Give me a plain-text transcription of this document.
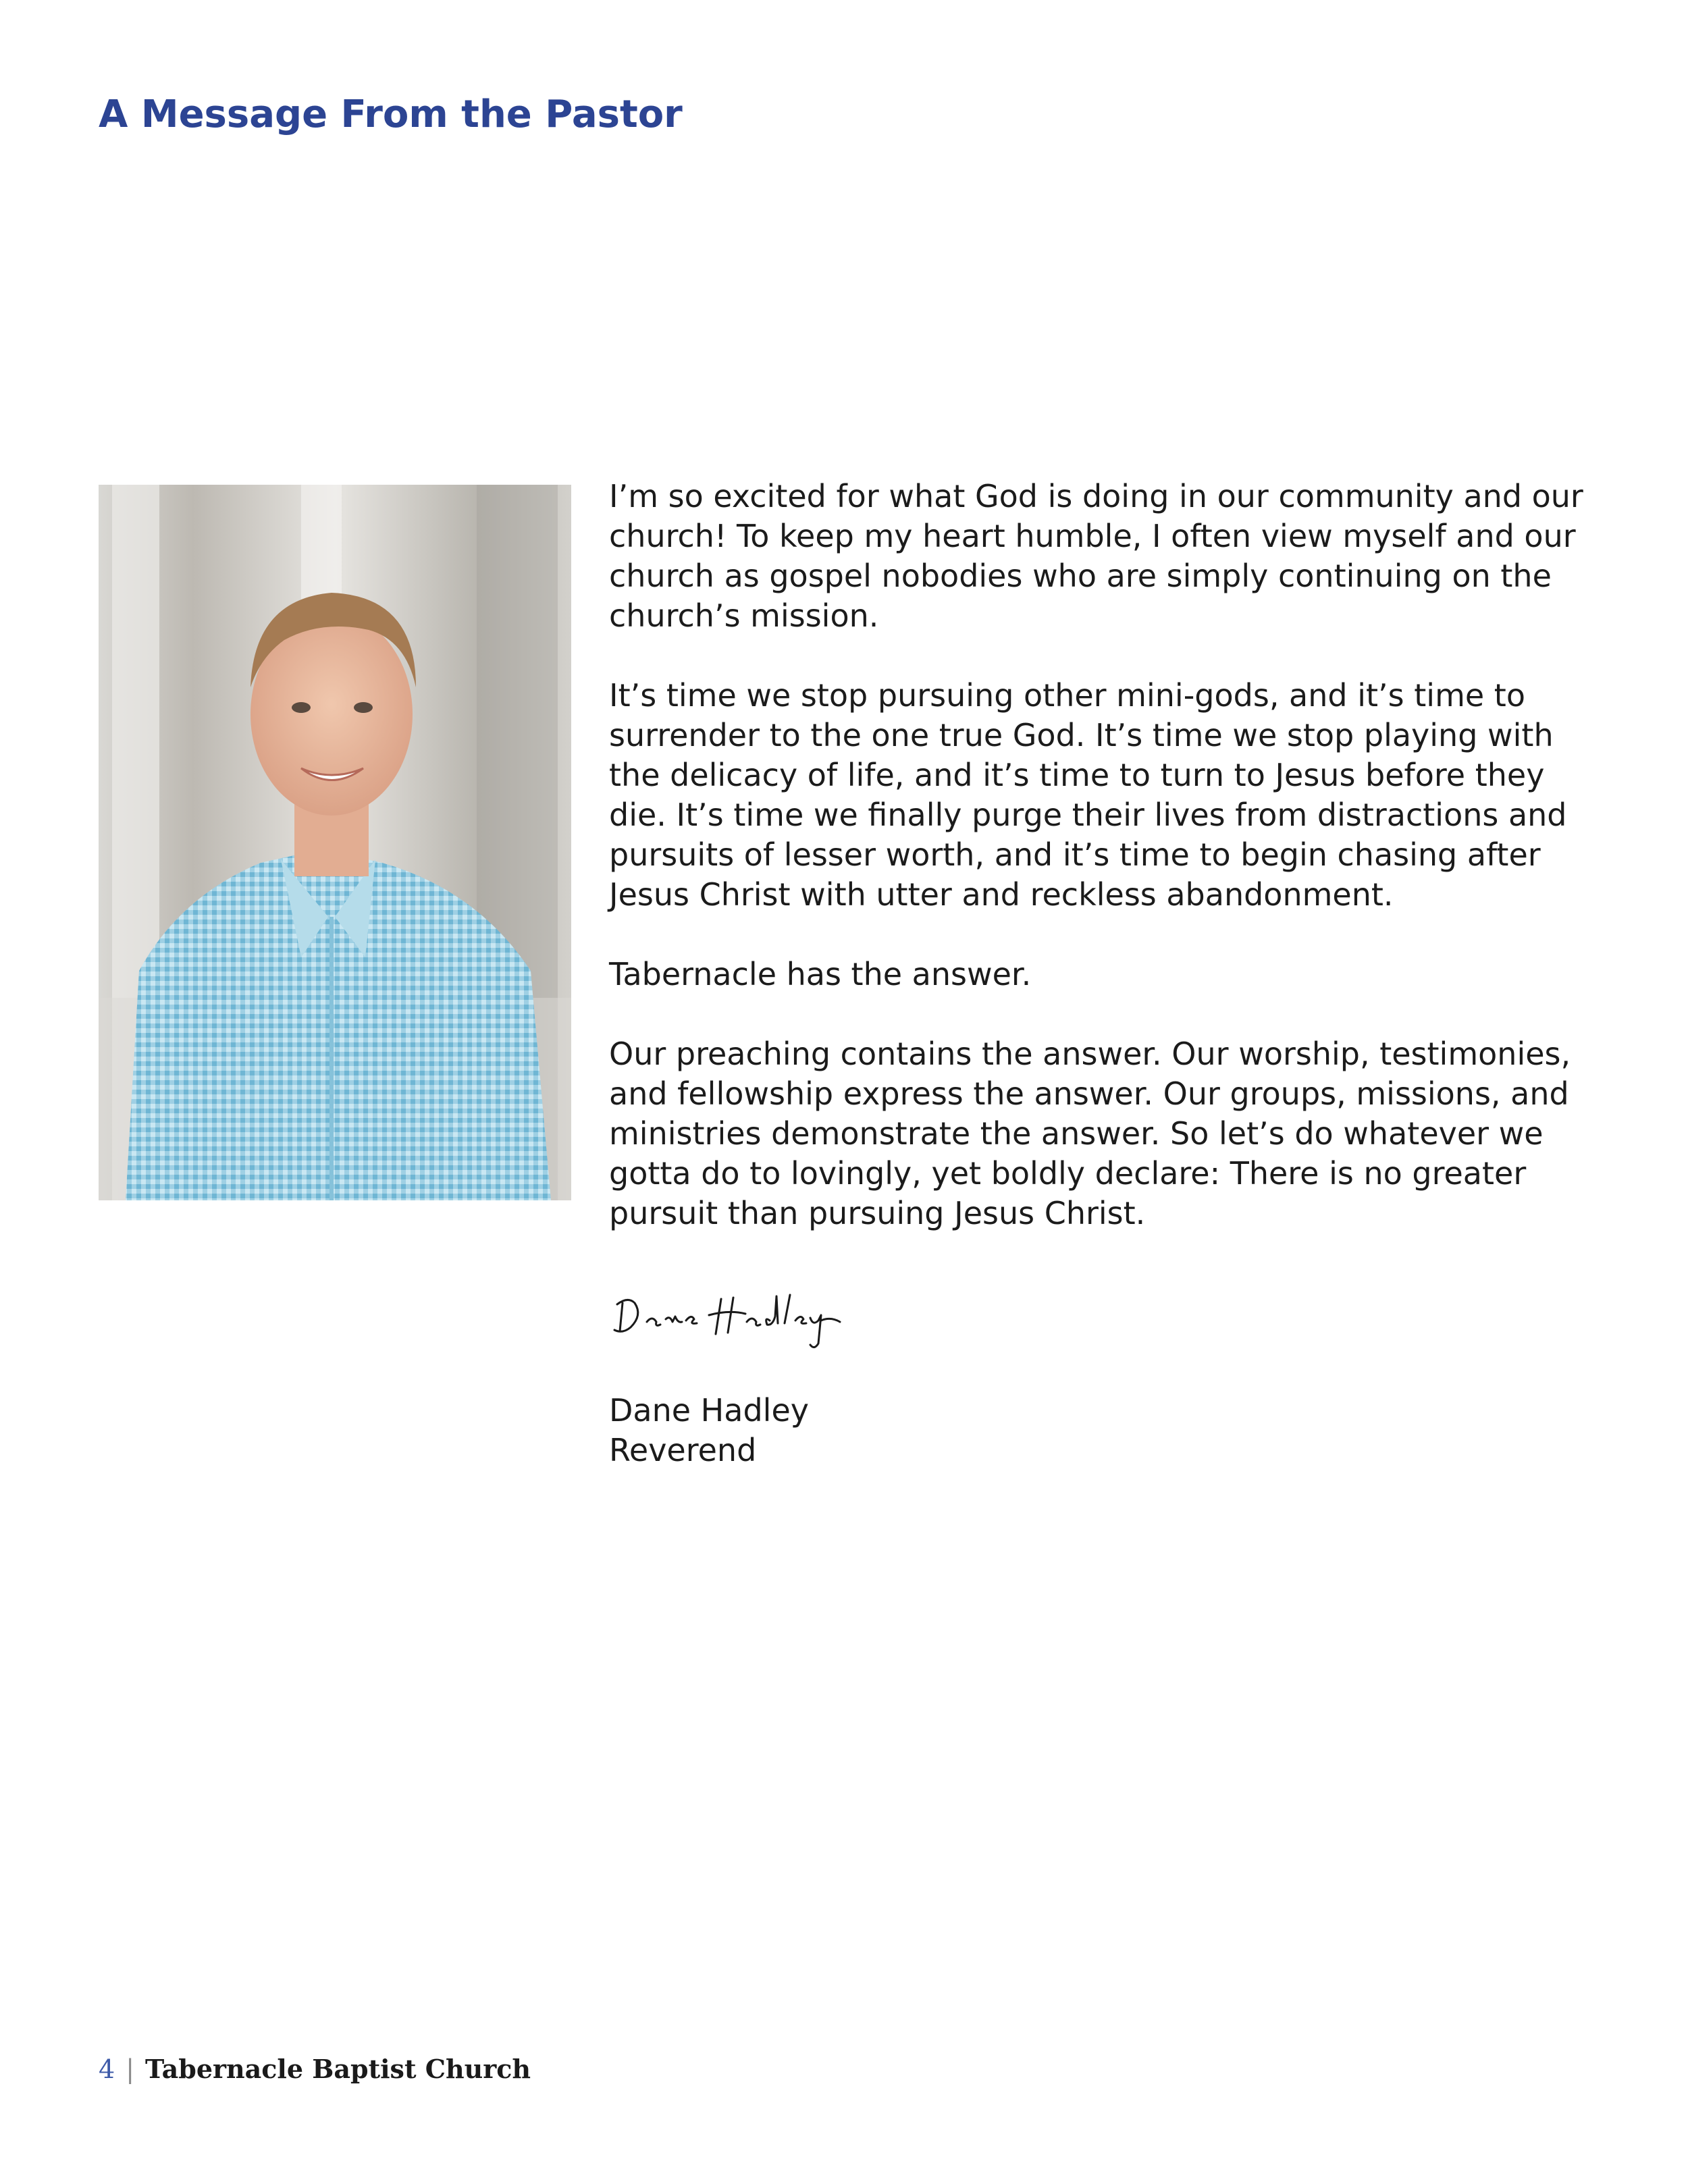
A Message From the Pastor

I’m so excited for what God is doing in our community and our church! To keep my heart humble, I often view myself and our church as gospel nobodies who are simply continuing on the church’s mission.

It’s time we stop pursuing other mini-gods, and it’s time to surrender to the one true God. It’s time we stop playing with the delicacy of life, and it’s time to turn to Jesus before they die. It’s time we finally purge their lives from distractions and pursuits of lesser worth, and it’s time to begin chasing after Jesus Christ with utter and reckless abandonment.

Tabernacle has the answer.

Our preaching contains the answer. Our worship, testimonies, and fellowship express the answer. Our groups, missions, and ministries demonstrate the answer. So let’s do whatever we gotta do to lovingly, yet boldly declare: There is no greater pursuit than pursuing Jesus Christ.

Dane Hadley
Reverend
4 | Tabernacle Baptist Church
